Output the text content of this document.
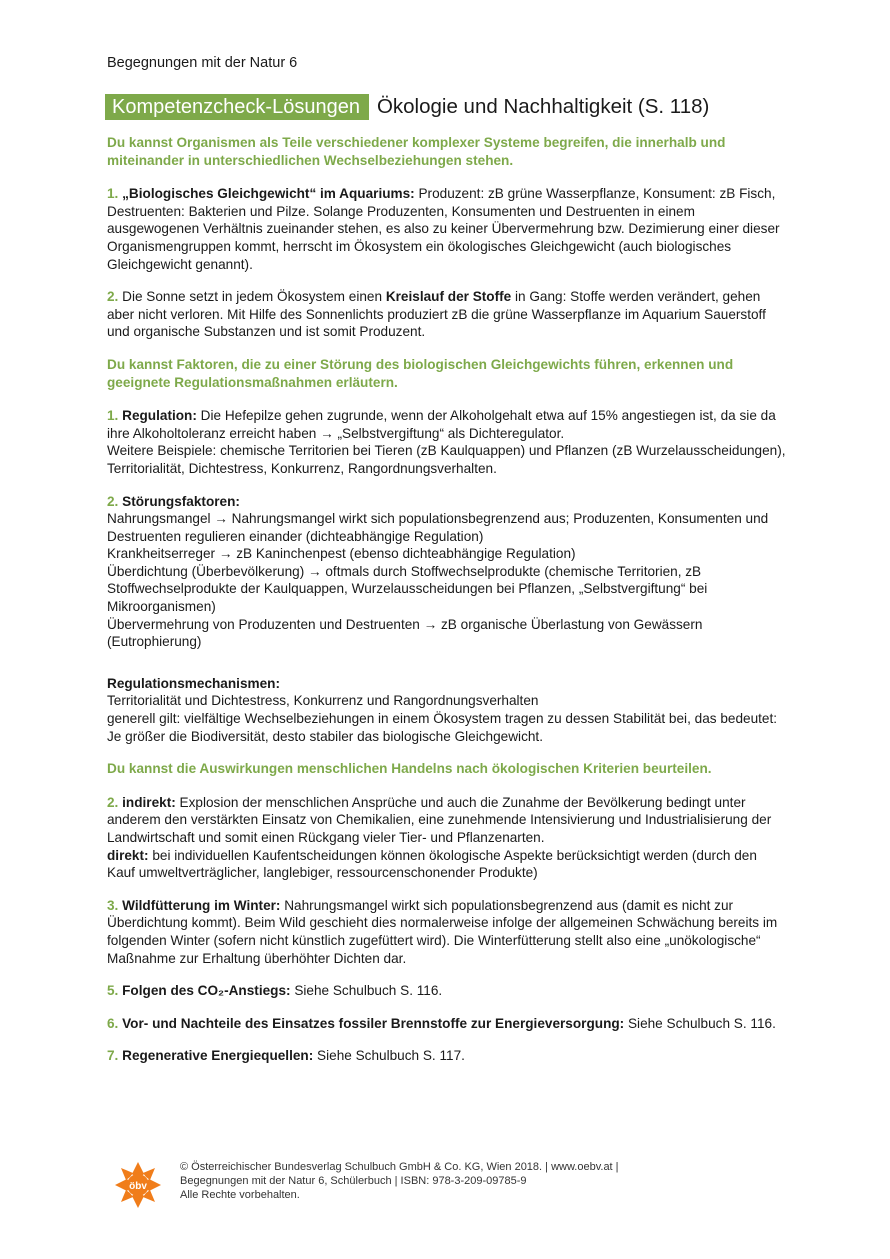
Begegnungen mit der Natur 6
Kompetenzcheck-Lösungen Ökologie und Nachhaltigkeit (S. 118)
Du kannst Organismen als Teile verschiedener komplexer Systeme begreifen, die innerhalb und miteinander in unterschiedlichen Wechselbeziehungen stehen.
1. „Biologisches Gleichgewicht“ im Aquariums: Produzent: zB grüne Wasserpflanze, Konsument: zB Fisch, Destruenten: Bakterien und Pilze. Solange Produzenten, Konsumenten und Destruenten in einem ausgewogenen Verhältnis zueinander stehen, es also zu keiner Übervermehrung bzw. Dezimierung einer dieser Organismengruppen kommt, herrscht im Ökosystem ein ökologisches Gleichgewicht (auch biologisches Gleichgewicht genannt).
2. Die Sonne setzt in jedem Ökosystem einen Kreislauf der Stoffe in Gang: Stoffe werden verändert, gehen aber nicht verloren. Mit Hilfe des Sonnenlichts produziert zB die grüne Wasserpflanze im Aquarium Sauerstoff und organische Substanzen und ist somit Produzent.
Du kannst Faktoren, die zu einer Störung des biologischen Gleichgewichts führen, erkennen und geeignete Regulationsmaßnahmen erläutern.
1. Regulation: Die Hefepilze gehen zugrunde, wenn der Alkoholgehalt etwa auf 15% angestiegen ist, da sie da ihre Alkoholtoleranz erreicht haben → „Selbstvergiftung“ als Dichteregulator.
Weitere Beispiele: chemische Territorien bei Tieren (zB Kaulquappen) und Pflanzen (zB Wurzelausscheidungen), Territorialität, Dichtestress, Konkurrenz, Rangordnungsverhalten.
2. Störungsfaktoren:
Nahrungsmangel → Nahrungsmangel wirkt sich populationsbegrenzend aus; Produzenten, Konsumenten und Destruenten regulieren einander (dichteabhängige Regulation)
Krankheitserreger → zB Kaninchenpest (ebenso dichteabhängige Regulation)
Überdichtung (Überbevölkerung) → oftmals durch Stoffwechselprodukte (chemische Territorien, zB Stoffwechselprodukte der Kaulquappen, Wurzelausscheidungen bei Pflanzen, „Selbstvergiftung“ bei Mikroorganismen)
Übervermehrung von Produzenten und Destruenten → zB organische Überlastung von Gewässern (Eutrophierung)
Regulationsmechanismen:
Territorialität und Dichtestress, Konkurrenz und Rangordnungsverhalten
generell gilt: vielfältige Wechselbeziehungen in einem Ökosystem tragen zu dessen Stabilität bei, das bedeutet: Je größer die Biodiversität, desto stabiler das biologische Gleichgewicht.
Du kannst die Auswirkungen menschlichen Handelns nach ökologischen Kriterien beurteilen.
2. indirekt: Explosion der menschlichen Ansprüche und auch die Zunahme der Bevölkerung bedingt unter anderem den verstärkten Einsatz von Chemikalien, eine zunehmende Intensivierung und Industrialisierung der Landwirtschaft und somit einen Rückgang vieler Tier- und Pflanzenarten.
direkt: bei individuellen Kaufentscheidungen können ökologische Aspekte berücksichtigt werden (durch den Kauf umweltverträglicher, langlebiger, ressourcenschonender Produkte)
3. Wildfütterung im Winter: Nahrungsmangel wirkt sich populationsbegrenzend aus (damit es nicht zur Überdichtung kommt). Beim Wild geschieht dies normalerweise infolge der allgemeinen Schwächung bereits im folgenden Winter (sofern nicht künstlich zugefüttert wird). Die Winterfütterung stellt also eine „unökologische“ Maßnahme zur Erhaltung überhöhter Dichten dar.
5. Folgen des CO₂-Anstiegs: Siehe Schulbuch S. 116.
6. Vor- und Nachteile des Einsatzes fossiler Brennstoffe zur Energieversorgung: Siehe Schulbuch S. 116.
7. Regenerative Energiequellen: Siehe Schulbuch S. 117.
öbv
© Österreichischer Bundesverlag Schulbuch GmbH & Co. KG, Wien 2018. | www.oebv.at |
Begegnungen mit der Natur 6, Schülerbuch | ISBN: 978-3-209-09785-9
Alle Rechte vorbehalten.
